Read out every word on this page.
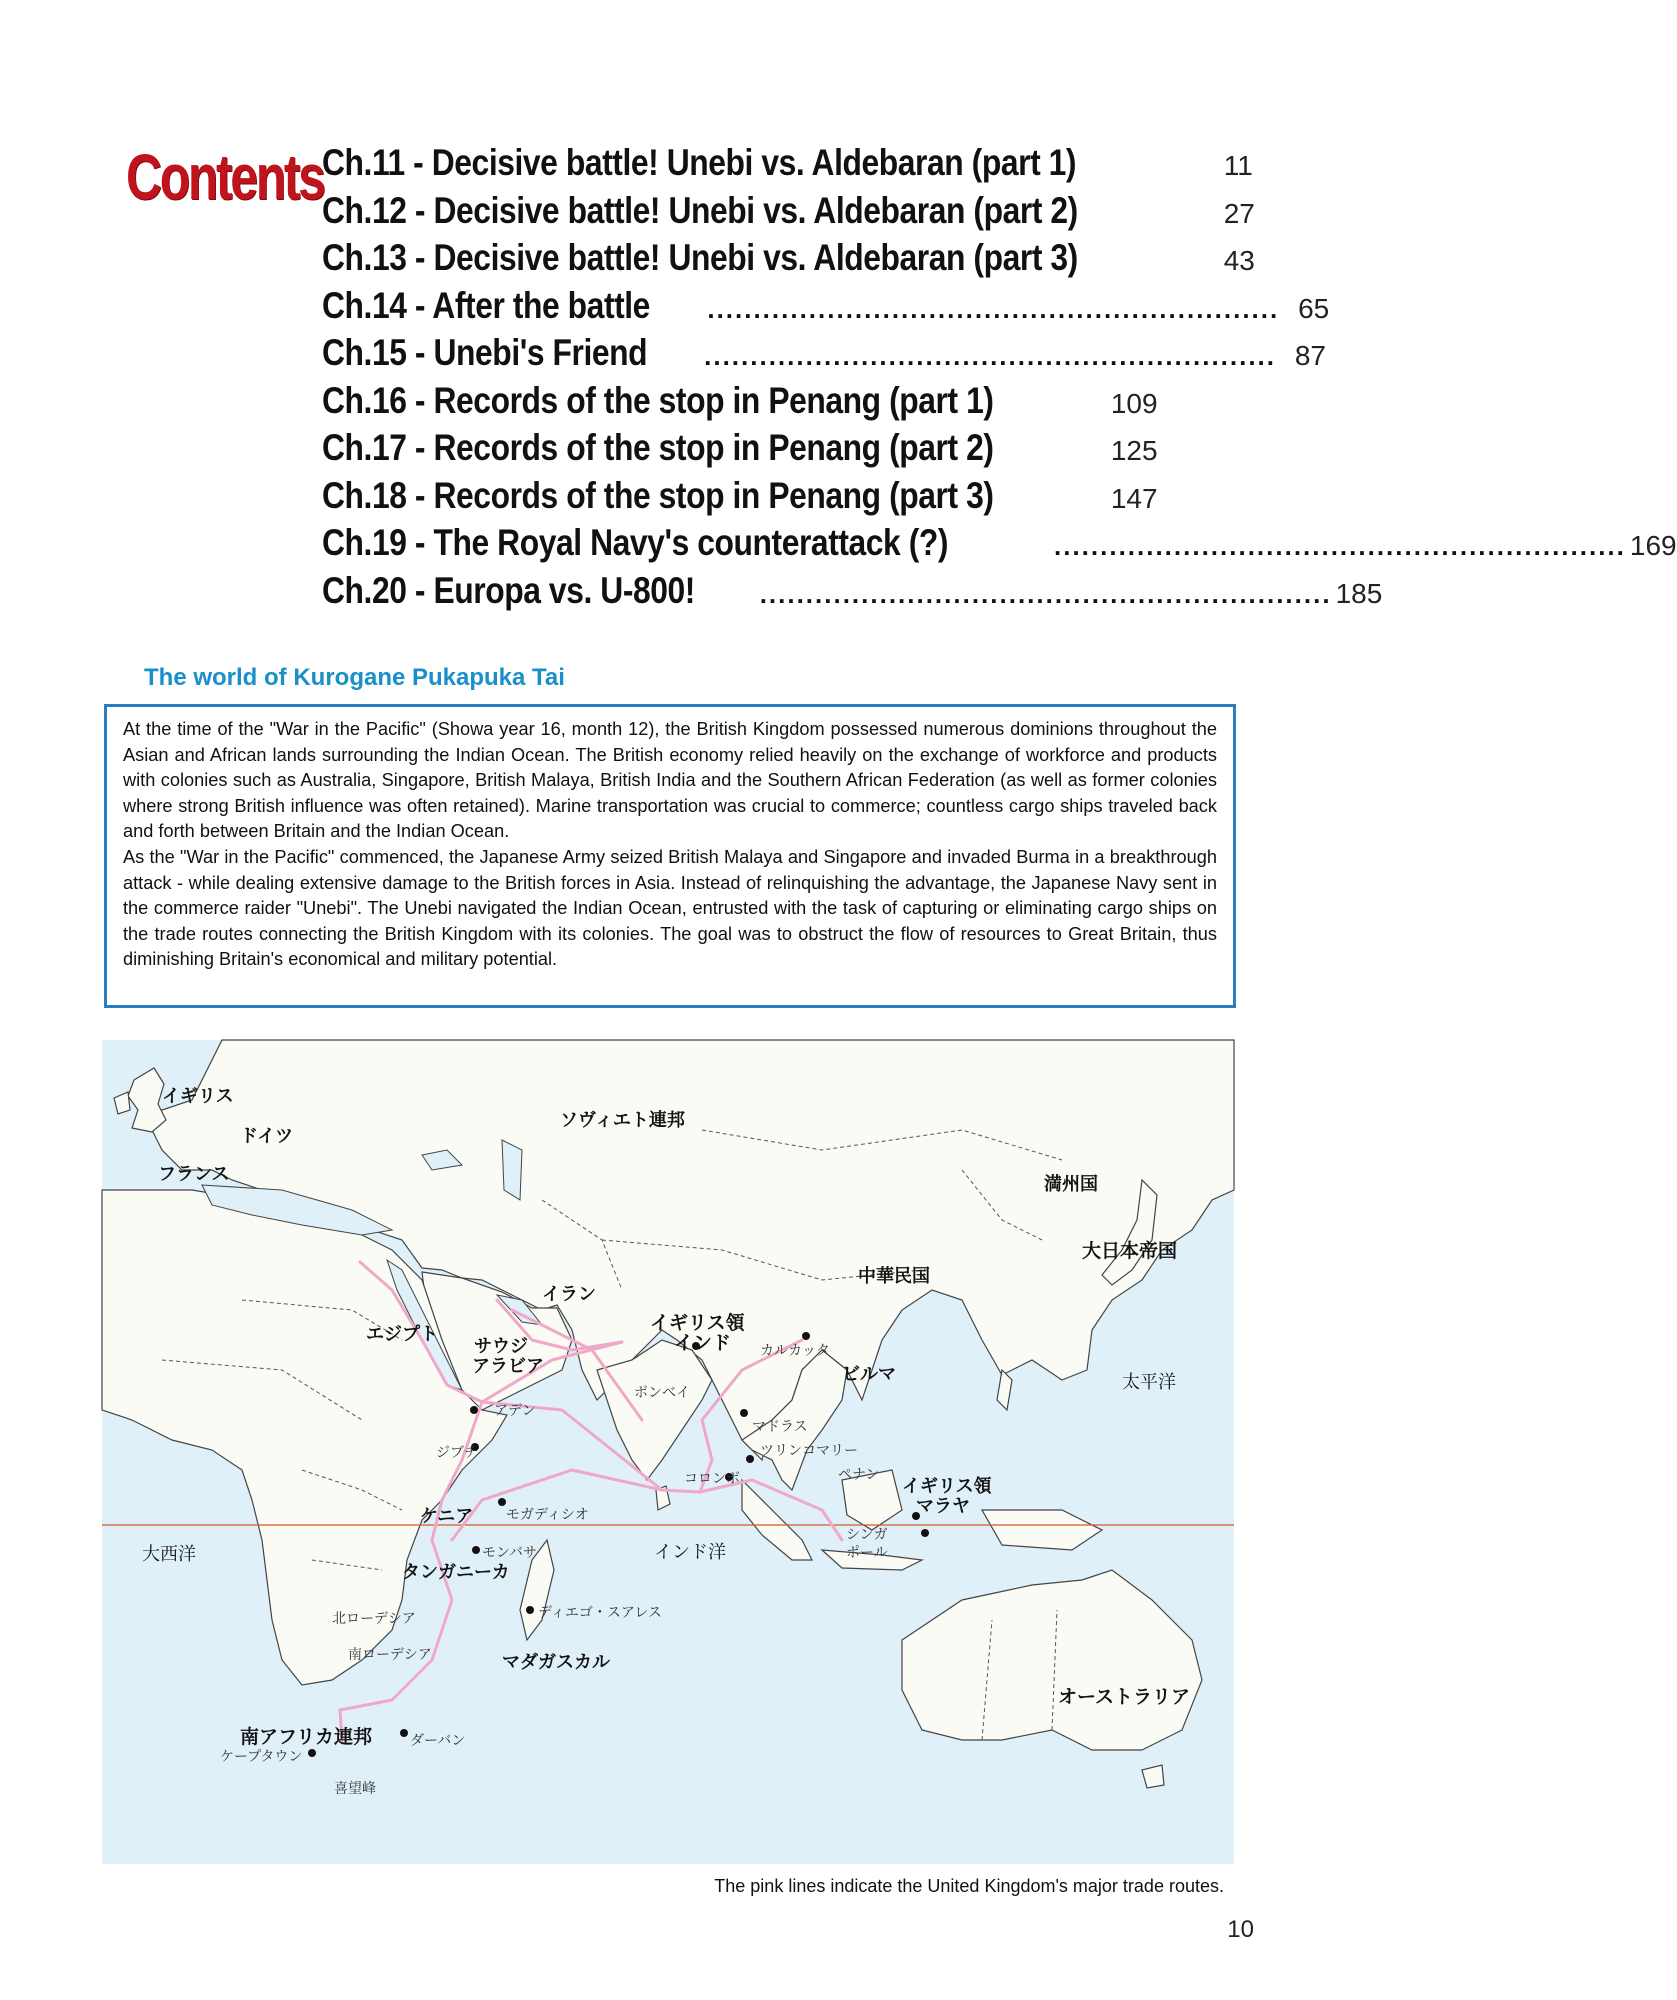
Contents
Ch.11 - Decisive battle! Unebi vs. Aldebaran (part 1)	11
Ch.12 - Decisive battle! Unebi vs. Aldebaran (part 2)	27
Ch.13 - Decisive battle! Unebi vs. Aldebaran (part 3)	43
Ch.14 - After the battle .............................................................. 65
Ch.15 - Unebi's Friend .............................................................. 87
Ch.16 - Records of the stop in Penang (part 1)	109
Ch.17 - Records of the stop in Penang (part 2)	125
Ch.18 - Records of the stop in Penang (part 3)	147
Ch.19 - The Royal Navy's counterattack (?)	.............................................................. 169
Ch.20 - Europa vs. U-800! .............................................................. 185
The world of Kurogane Pukapuka Tai

At the time of the "War in the Pacific" (Showa year 16, month 12), the British Kingdom possessed numerous dominions throughout the Asian and African lands surrounding the Indian Ocean. The British economy relied heavily on the exchange of workforce and products with colonies such as Australia, Singapore, British Malaya, British India and the Southern African Federation (as well as former colonies where strong British influence was often retained). Marine transportation was crucial to commerce; countless cargo ships traveled back and forth between Britain and the Indian Ocean.

As the "War in the Pacific" commenced, the Japanese Army seized British Malaya and Singapore and invaded Burma in a breakthrough attack - while dealing extensive damage to the British forces in Asia. Instead of relinquishing the advantage, the Japanese Navy sent in the commerce raider "Unebi". The Unebi navigated the Indian Ocean, entrusted with the task of capturing or eliminating cargo ships on the trade routes connecting the British Kingdom with its colonies. The goal was to obstruct the flow of resources to Great Britain, thus diminishing Britain's economical and military potential.

イギリス
ドイツ
フランス
ソヴィエト連邦
満州国
大日本帝国
中華民国
イラン
エジプト
サウジ
アラビア
イギリス領
インド カルカッタ
ビルマ	太平洋
アデン
ボンベイ
マドラス
ジブチ	ツリンコマリー
コロンボ	ペナン
イギリス領
マラヤ
ケニア モガディシオ
大西洋	モンバサ	インド洋
シンガ
ポール
タンガニーカ
ディエゴ・スアレス
北ローデシア
南ローデシア	マダガスカル
オーストラリア
南アフリカ連邦	ダーバン
ケープタウン
喜望峰
The pink lines indicate the United Kingdom's major trade routes.
10
